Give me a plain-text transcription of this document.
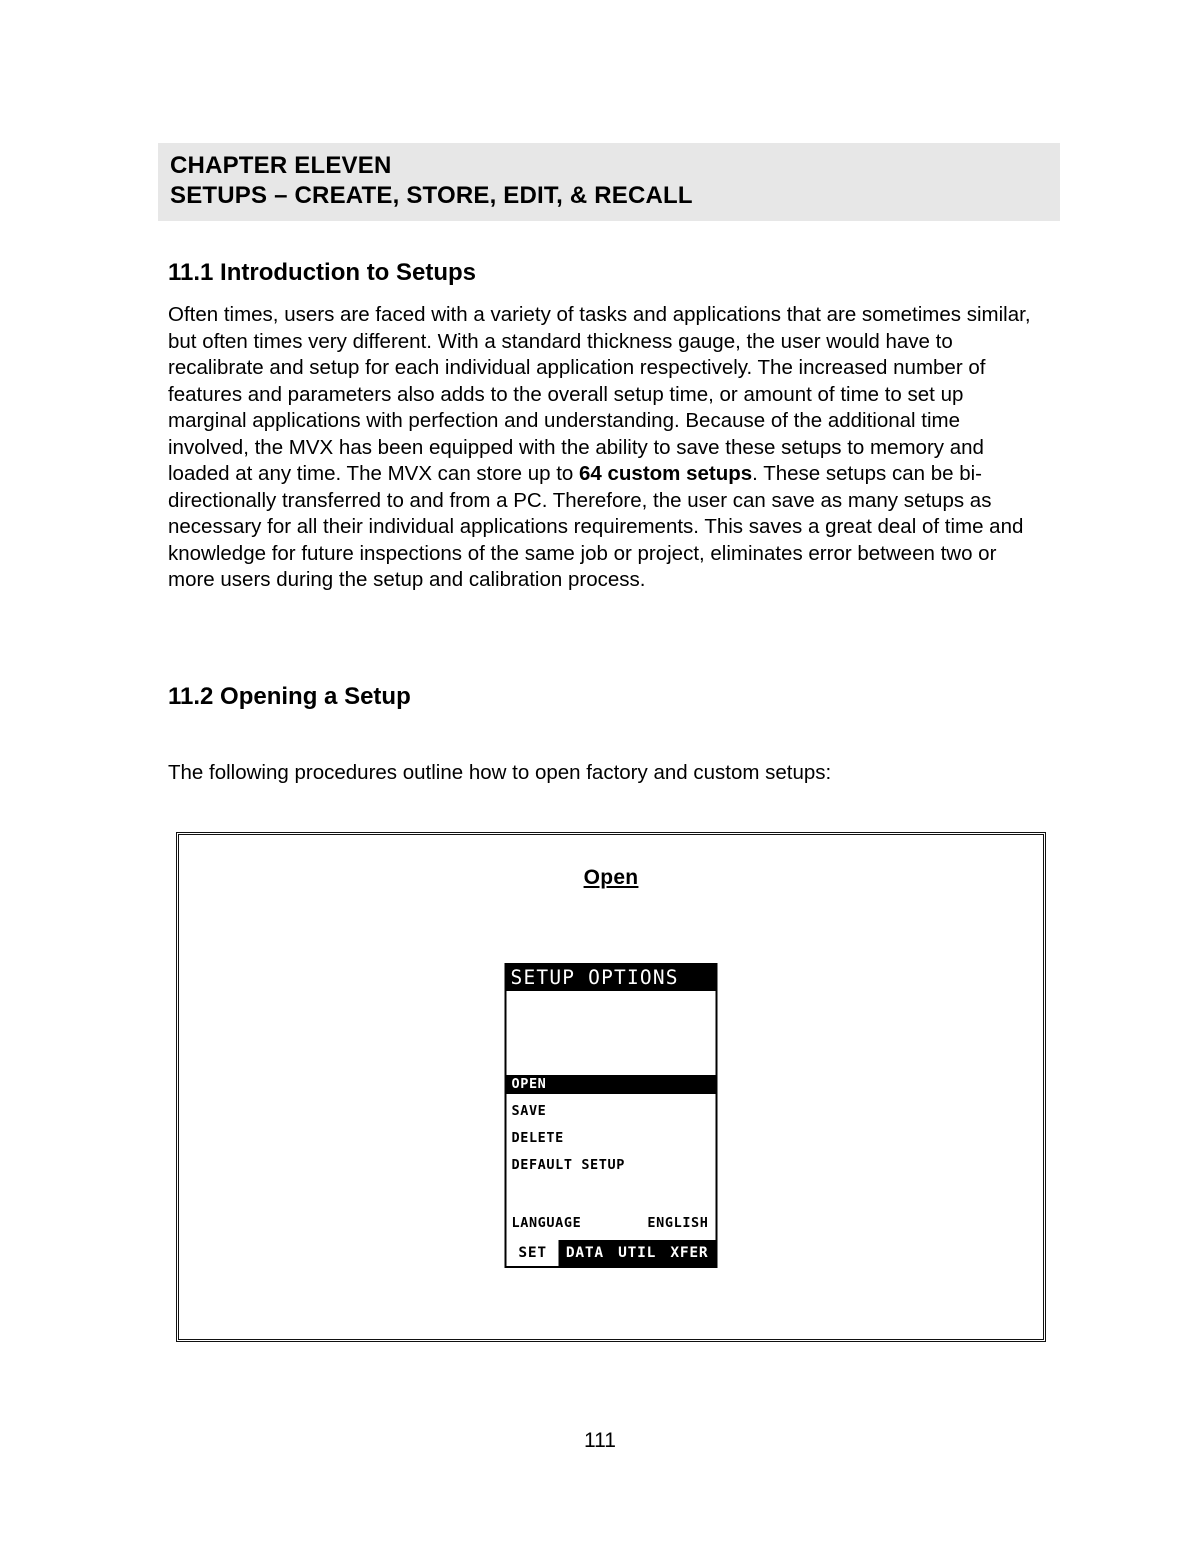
CHAPTER ELEVEN
SETUPS – CREATE, STORE, EDIT, & RECALL
11.1 Introduction to Setups
Often times, users are faced with a variety of tasks and applications that are sometimes similar, but often times very different. With a standard thickness gauge, the user would have to recalibrate and setup for each individual application respectively. The increased number of features and parameters also adds to the overall setup time, or amount of time to set up marginal applications with perfection and understanding. Because of the additional time involved, the MVX has been equipped with the ability to save these setups to memory and loaded at any time. The MVX can store up to 64 custom setups. These setups can be bi-directionally transferred to and from a PC. Therefore, the user can save as many setups as necessary for all their individual applications requirements. This saves a great deal of time and knowledge for future inspections of the same job or project, eliminates error between two or more users during the setup and calibration process.
11.2 Opening a Setup
The following procedures outline how to open factory and custom setups:
Open
SETUP OPTIONS
OPEN
SAVE
DELETE
DEFAULT SETUP
LANGUAGE	ENGLISH
SET	DATA UTIL XFER
111
